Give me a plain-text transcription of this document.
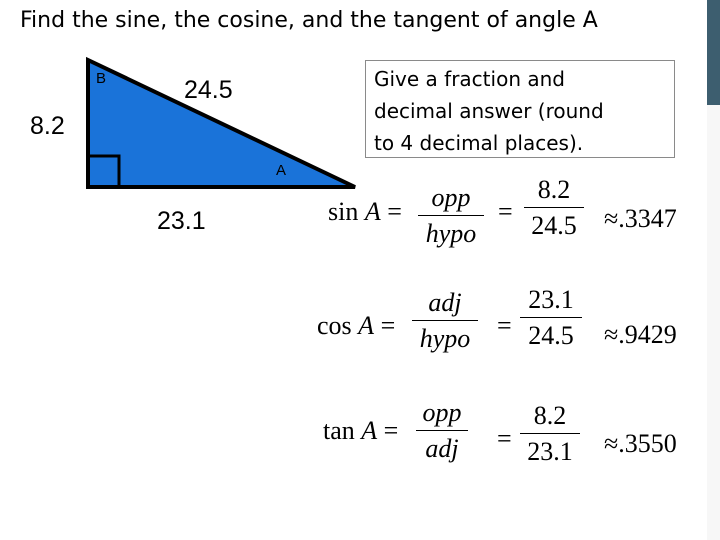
Find the sine, the cosine, and the tangent of angle A
B
A
8.2
24.5
23.1
Give a fraction and
decimal answer (round
to 4 decimal places).
sin A =	opp
hypo
= $\frac{8.2}{24.5} \approx.3347$
cos A =
adj
hypo = $\frac{23.1}{24.5} \approx.9429$
tan A =
opp
adj	= $\frac{8.2}{23.1} \approx.3550$
